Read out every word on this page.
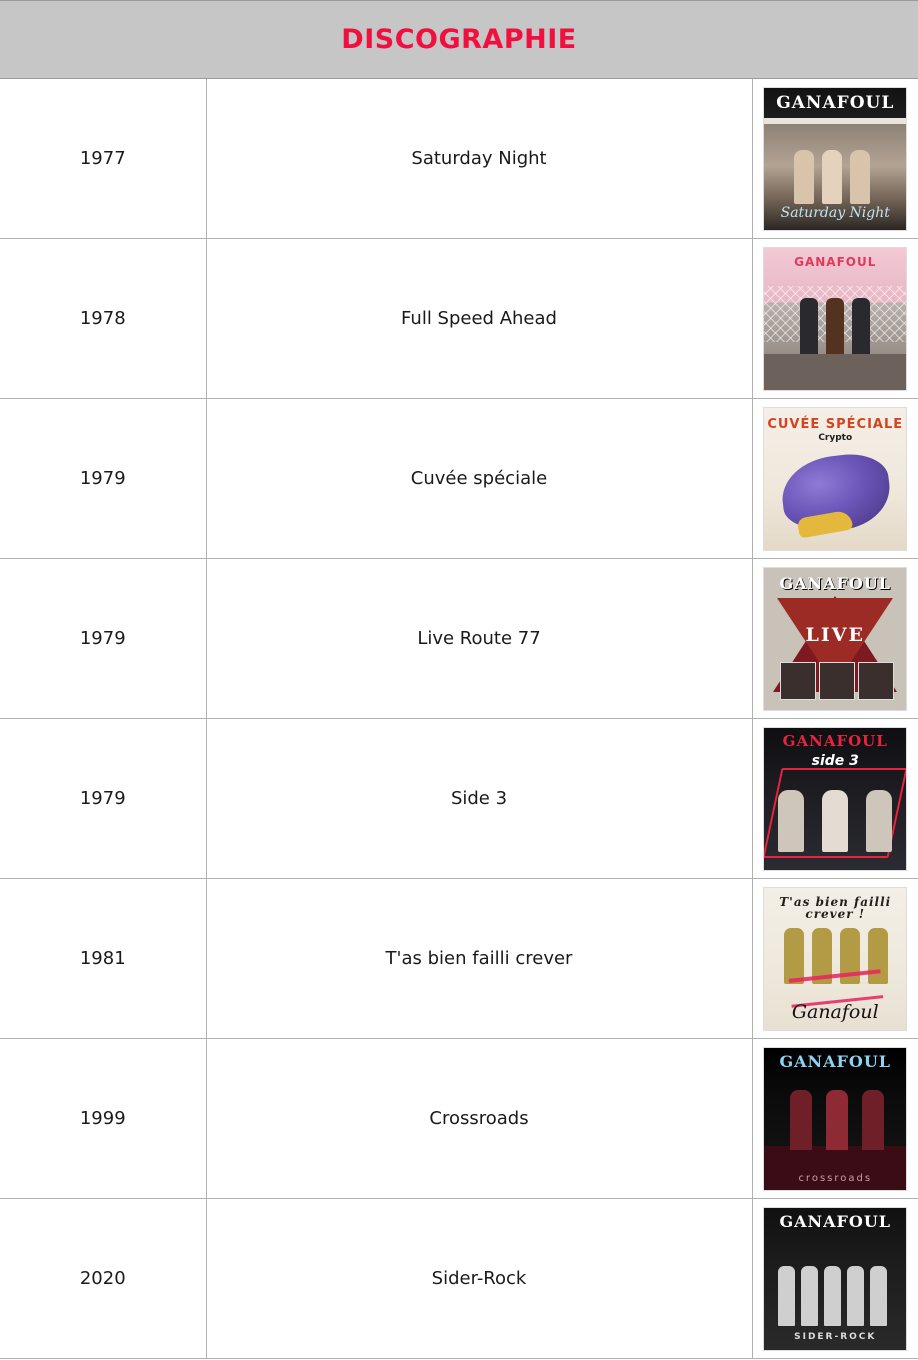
DISCOGRAPHIE		

1977	Saturday Night	GANAFOUL
Saturday Night

1978	Full Speed Ahead	GANAFOUL

1979	Cuvée spéciale	CUVÉE SPÉCIALE
Crypto

1979	Live Route 77	GANAFOUL
LIVE

1979	Side 3	GANAFOUL
side 3

1981	T'as bien failli crever	T'as bien failli crever !
Ganafoul

1999	Crossroads	GANAFOUL
crossroads

2020	Sider-Rock	GANAFOUL
SIDER-ROCK
